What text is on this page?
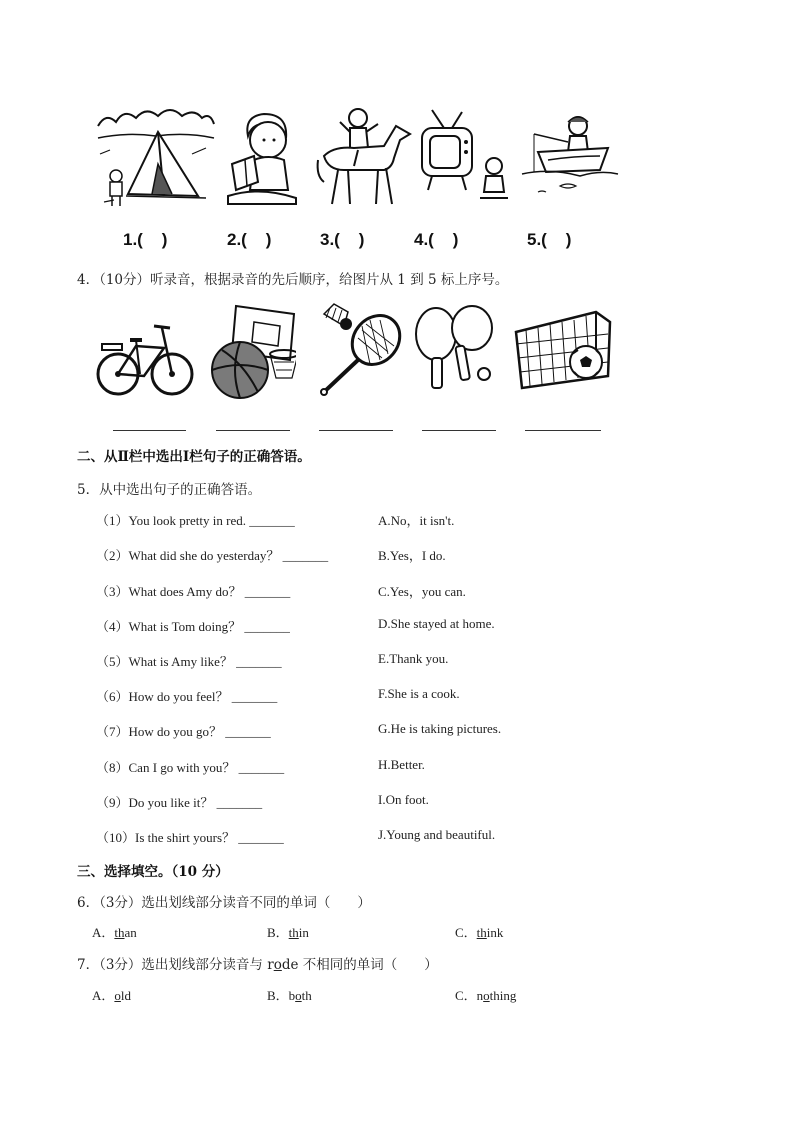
1.(    )	2.(    )	3.(    )	4.(    )	5.(    )
4．（10分）听录音，根据录音的先后顺序，给图片从 1 到 5 标上序号。
二、从Ⅱ栏中选出Ⅰ栏句子的正确答语。
5．从中选出句子的正确答语。
（1）You look pretty in red. _______
（2）What did she do yesterday？ _______
（3）What does Amy do？ _______
（4）What is Tom doing？ _______
（5）What is Amy like？ _______
（6）How do you feel？ _______
（7）How do you go？ _______
（8）Can I go with you？ _______
（9）Do you like it？ _______
（10）Is the shirt yours？ _______
A.No，it isn't.
B.Yes，I do.
C.Yes，you can.
D.She stayed at home.
E.Thank you.
F.She is a cook.
G.He is taking pictures.
H.Better.
I.On foot.
J.Young and beautiful.
三、选择填空。（10 分）
6．（3分）选出划线部分读音不同的单词（　　）
A．than	B．thin	C．think
7．（3分）选出划线部分读音与 rode 不相同的单词（　　）
A．old	B．both	C．nothing
